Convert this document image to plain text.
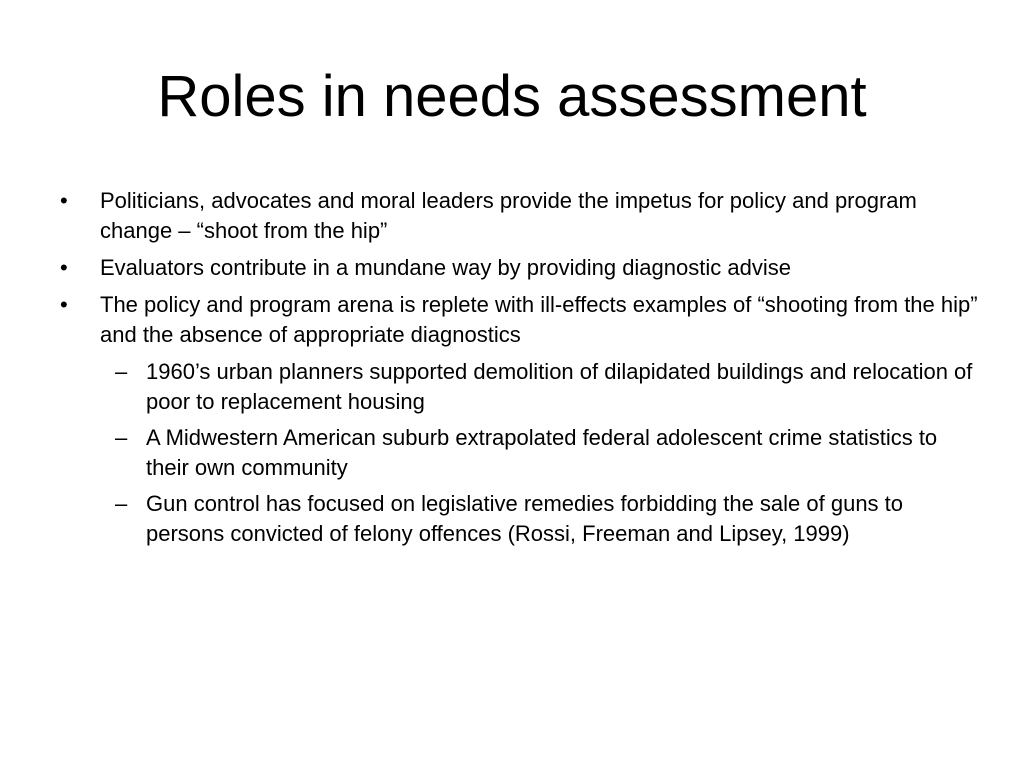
Roles in needs assessment
• Politicians, advocates and moral leaders provide the impetus for policy and program change – “shoot from the hip”
• Evaluators contribute in a mundane way by providing diagnostic advise
• The policy and program arena is replete with ill-effects examples of “shooting from the hip” and the absence of appropriate diagnostics
– 1960’s urban planners supported demolition of dilapidated buildings and relocation of poor to replacement housing
– A Midwestern American suburb extrapolated federal adolescent crime statistics to their own community
– Gun control has focused on legislative remedies forbidding the sale of guns to persons convicted of felony offences (Rossi, Freeman and Lipsey, 1999)
